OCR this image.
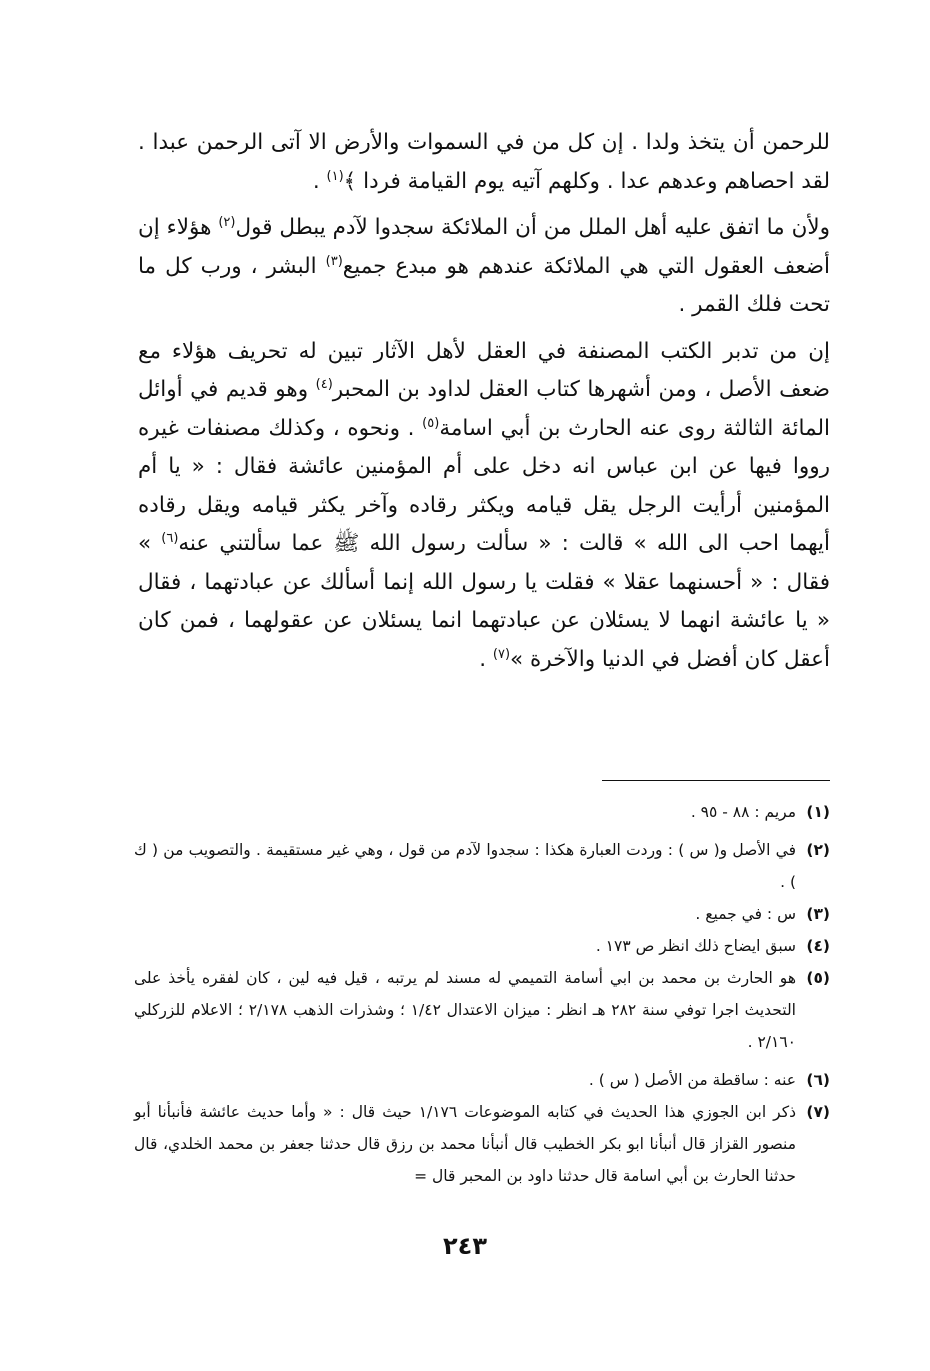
للرحمن أن يتخذ ولدا . إن كل من في السموات والأرض الا آتى الرحمن عبدا . لقد احصاهم وعدهم عدا . وكلهم آتيه يوم القيامة فردا ﴾$^{(١)}$ .

ولأن ما اتفق عليه أهل الملل من أن الملائكة سجدوا لآدم يبطل قول$^{(٢)}$ هؤلاء إن أضعف العقول التي هي الملائكة عندهم هو مبدع جميع$^{(٣)}$ البشر ، ورب كل ما تحت فلك القمر .

إن من تدبر الكتب المصنفة في العقل لأهل الآثار تبين له تحريف هؤلاء مع ضعف الأصل ، ومن أشهرها كتاب العقل لداود بن المحبر$^{(٤)}$ وهو قديم في أوائل المائة الثالثة روى عنه الحارث بن أبي اسامة$^{(٥)}$ . ونحوه ، وكذلك مصنفات غيره رووا فيها عن ابن عباس انه دخل على أم المؤمنين عائشة فقال : « يا أم المؤمنين أرأيت الرجل يقل قيامه ويكثر رقاده وآخر يكثر قيامه ويقل رقاده أيهما احب الى الله » قالت : « سألت رسول الله ﷺ عما سألتني عنه$^{(٦)}$ » فقال : « أحسنهما عقلا » فقلت يا رسول الله إنما أسألك عن عبادتهما ، فقال « يا عائشة انهما لا يسئلان عن عبادتهما انما يسئلان عن عقولهما ، فمن كان أعقل كان أفضل في الدنيا والآخرة »$^{(٧)}$ .

(١)
مريم : ٨٨ - ٩٥ .
(٢)
في الأصل و( س ) : وردت العبارة هكذا : سجدوا لآدم من قول ، وهي غير مستقيمة . والتصويب من ( ك ) .
(٣)
س : في جميع .
(٤)
سبق ايضاح ذلك انظر ص ١٧٣ .
(٥)
هو الحارث بن محمد بن ابي أسامة التميمي له مسند لم يرتبه ، قيل فيه لين ، كان لفقره يأخذ على التحديث اجرا توفي سنة ٢٨٢ هـ انظر : ميزان الاعتدال ١/٤٢ ؛ وشذرات الذهب ٢/١٧٨ ؛ الاعلام للزركلي ٢/١٦٠ .
(٦)
عنه : ساقطة من الأصل ( س ) .
(٧)
ذكر ابن الجوزي هذا الحديث في كتابه الموضوعات ١/١٧٦ حيث قال : « وأما حديث عائشة فأنبأنا أبو منصور القزاز قال أنبأنا ابو بكر الخطيب قال أنبأنا محمد بن رزق قال حدثنا جعفر بن محمد الخلدي، قال حدثنا الحارث بن أبي اسامة قال حدثنا داود بن المحبر قال =
٢٤٣
